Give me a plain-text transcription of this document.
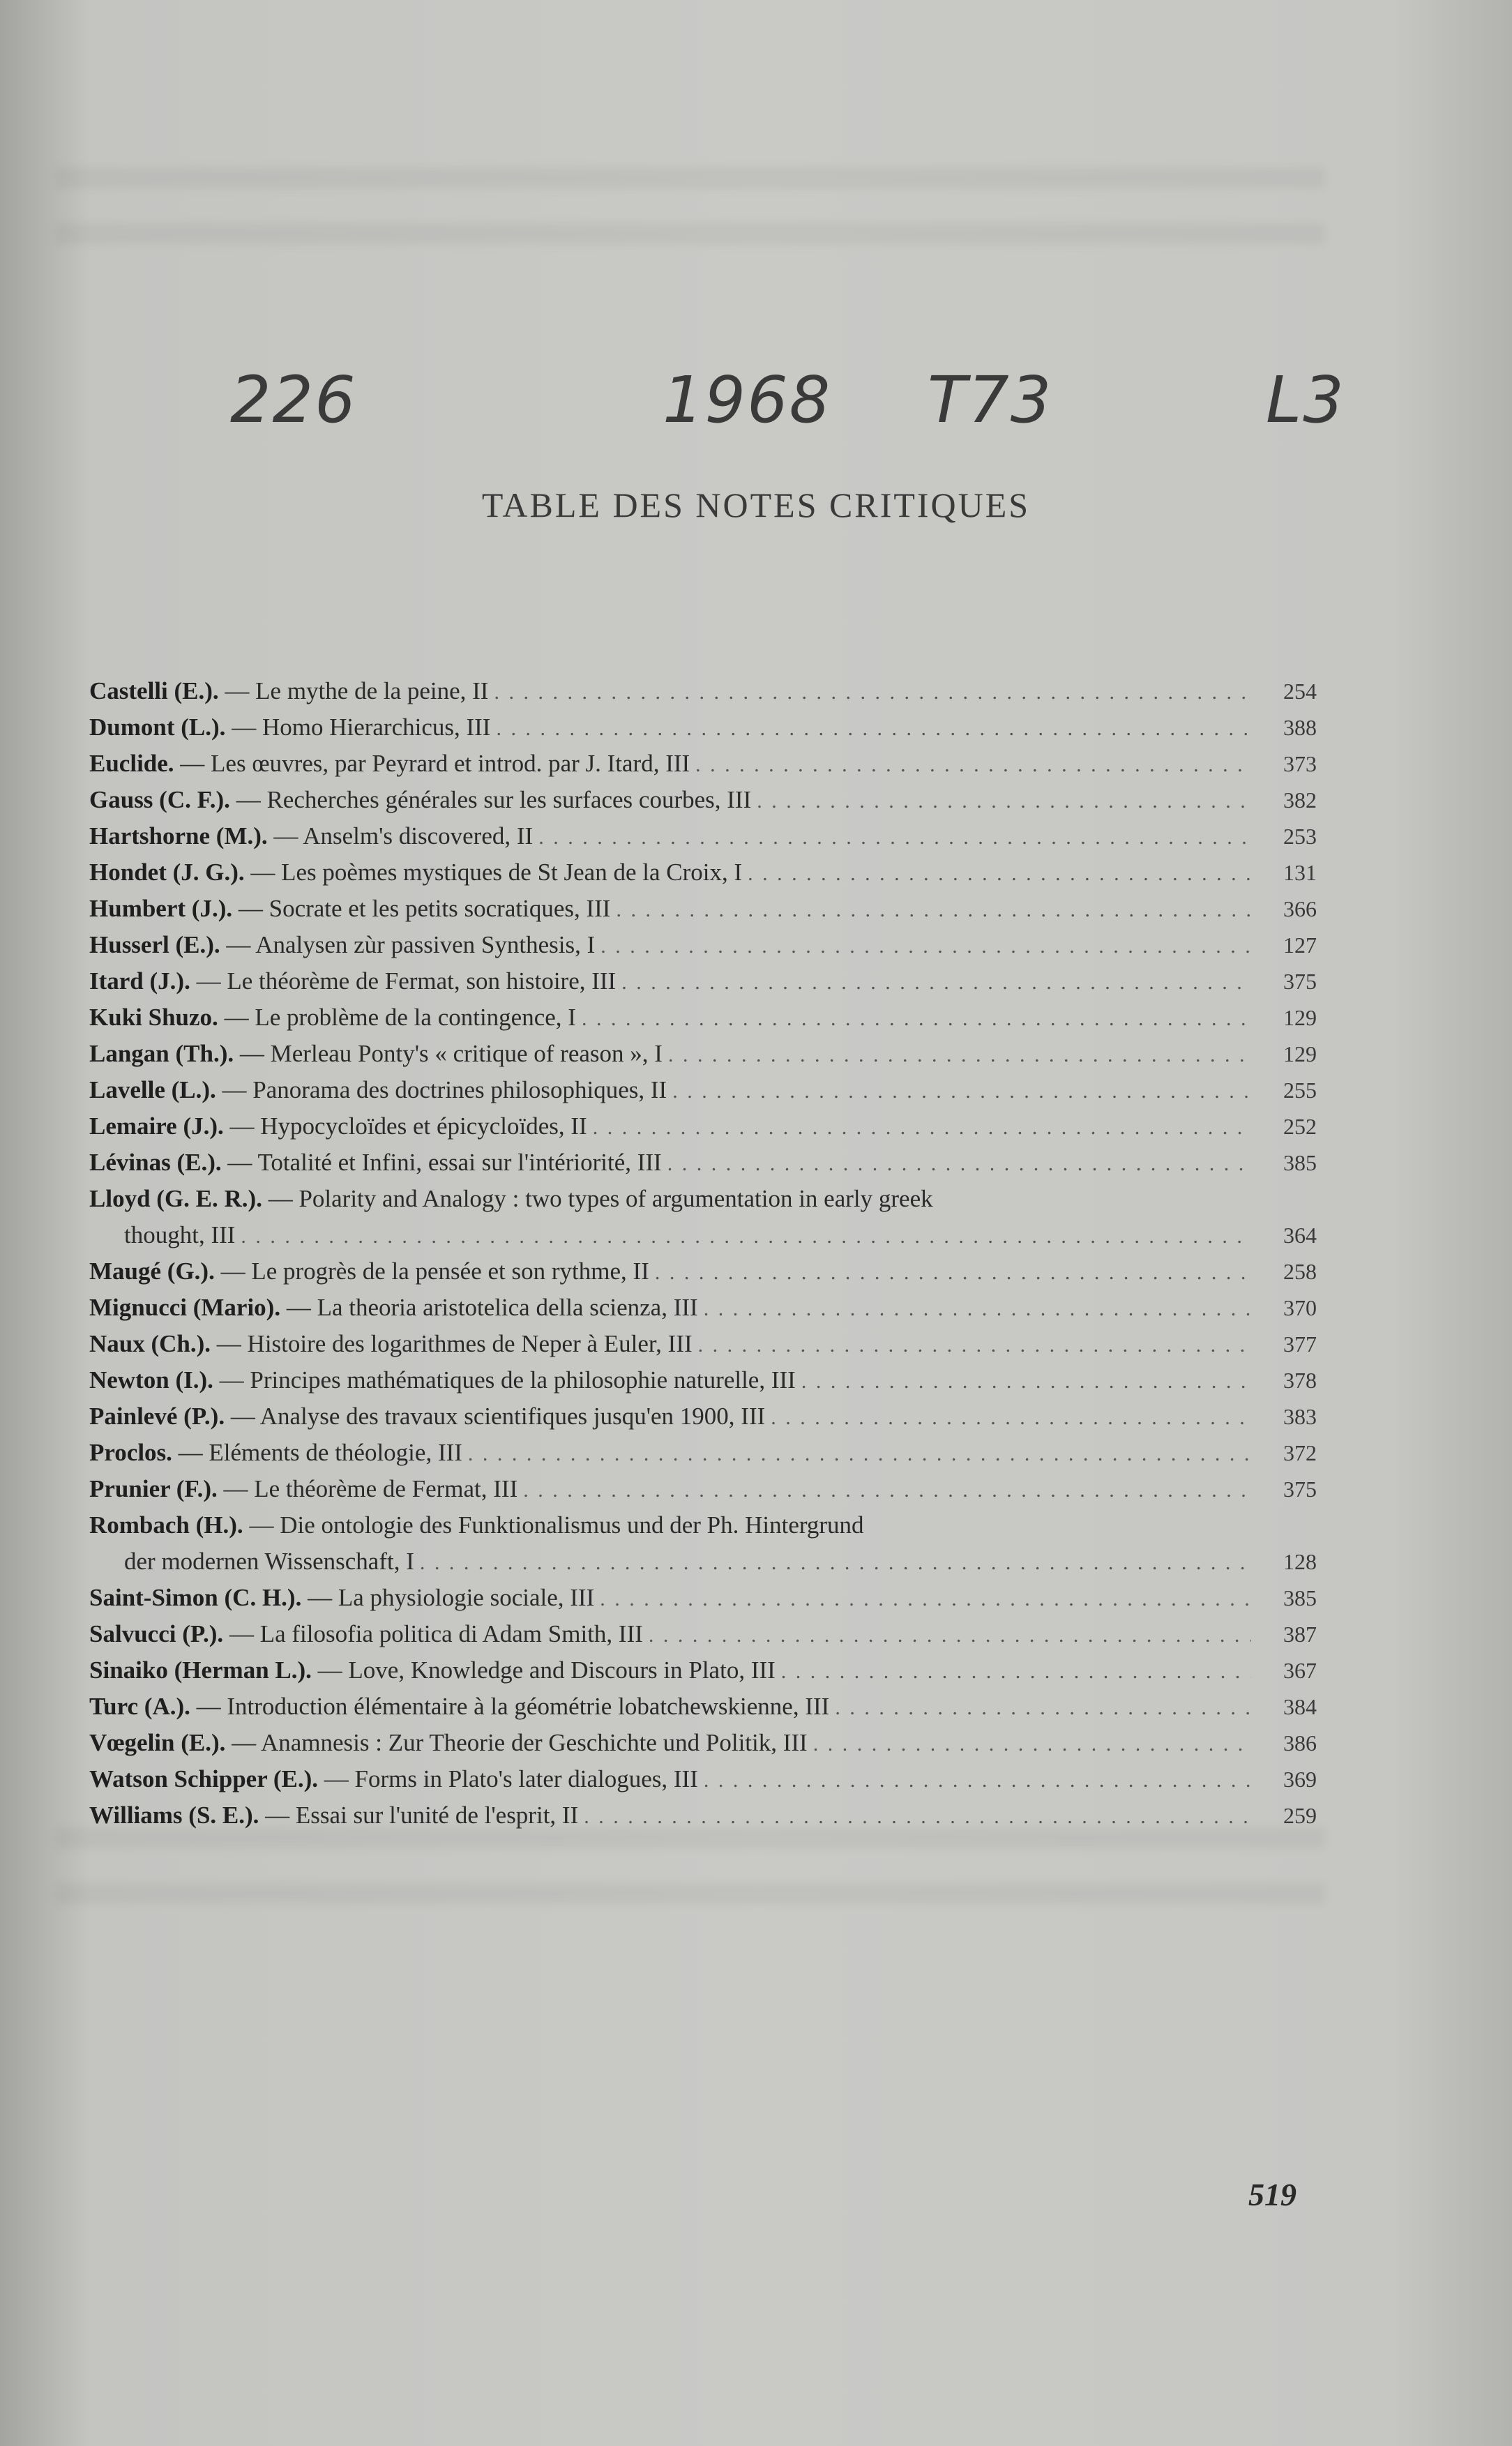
226	1968 T73	L3
TABLE DES NOTES CRITIQUES
Castelli (E.). — Le mythe de la peine, II . . .	254
Dumont (L.). — Homo Hierarchicus, III . . .	388
Euclide. — Les œuvres, par Peyrard et introd. par J. Itard, III . . .	373
Gauss (C. F.). — Recherches générales sur les surfaces courbes, III . . .	382
Hartshorne (M.). — Anselm's discovered, II . . .	253
Hondet (J. G.). — Les poèmes mystiques de St Jean de la Croix, I . . .	131
Humbert (J.). — Socrate et les petits socratiques, III . . .	366
Husserl (E.). — Analysen zùr passiven Synthesis, I . . .	127
Itard (J.). — Le théorème de Fermat, son histoire, III . . .	375
Kuki Shuzo. — Le problème de la contingence, I . . .	129
Langan (Th.). — Merleau Ponty's « critique of reason », I . . .	129
Lavelle (L.). — Panorama des doctrines philosophiques, II . . .	255
Lemaire (J.). — Hypocycloïdes et épicycloïdes, II . . .	252
Lévinas (E.). — Totalité et Infini, essai sur l'intériorité, III . . .	385
Lloyd (G. E. R.). — Polarity and Analogy : two types of argumentation in early greek
thought, III . . .	364
Maugé (G.). — Le progrès de la pensée et son rythme, II . . .	258
Mignucci (Mario). — La theoria aristotelica della scienza, III . . .	370
Naux (Ch.). — Histoire des logarithmes de Neper à Euler, III . . .	377
Newton (I.). — Principes mathématiques de la philosophie naturelle, III . . .	378
Painlevé (P.). — Analyse des travaux scientifiques jusqu'en 1900, III . . .	383
Proclos. — Eléments de théologie, III . . .	372
Prunier (F.). — Le théorème de Fermat, III . . .	375
Rombach (H.). — Die ontologie des Funktionalismus und der Ph. Hintergrund
der modernen Wissenschaft, I . . .	128
Saint-Simon (C. H.). — La physiologie sociale, III . . .	385
Salvucci (P.). — La filosofia politica di Adam Smith, III . . .	387
Sinaiko (Herman L.). — Love, Knowledge and Discours in Plato, III . . .	367
Turc (A.). — Introduction élémentaire à la géométrie lobatchewskienne, III . . .	384
Vœgelin (E.). — Anamnesis : Zur Theorie der Geschichte und Politik, III . . .	386
Watson Schipper (E.). — Forms in Plato's later dialogues, III . . .	369
Williams (S. E.). — Essai sur l'unité de l'esprit, II . . .	259
519
